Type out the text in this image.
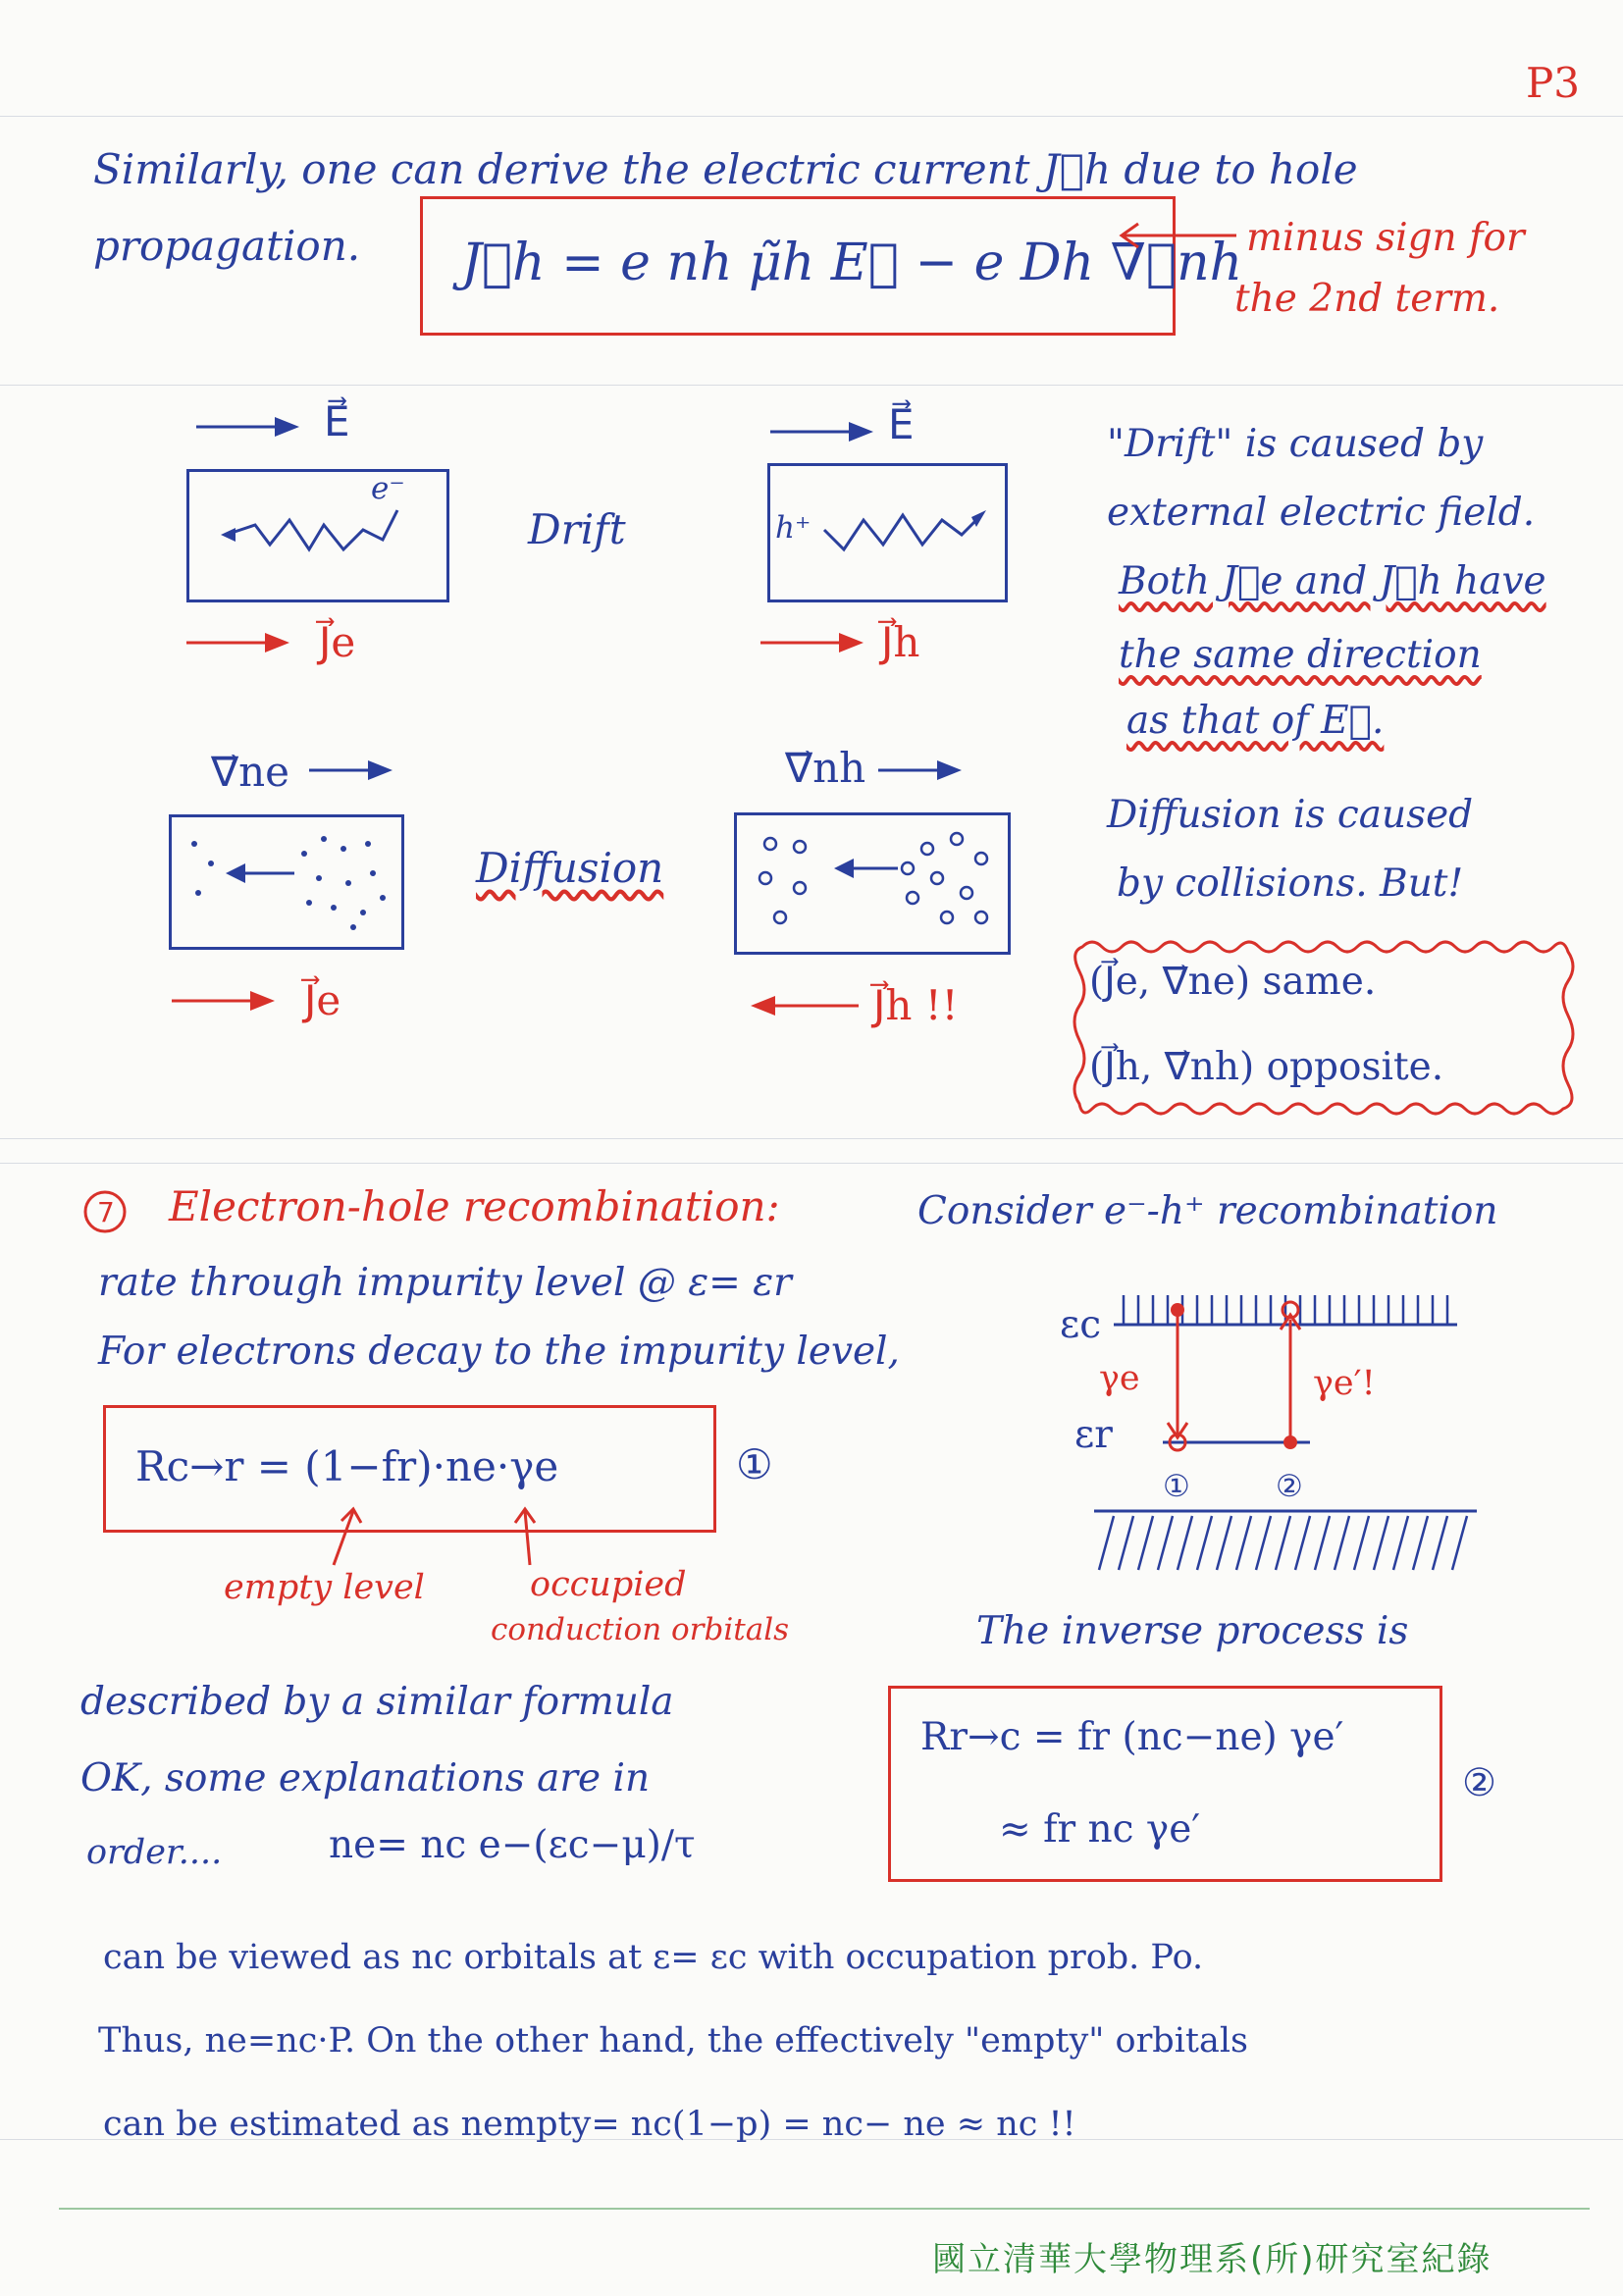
P3
Similarly, one can derive the electric current J⃗h due to hole
propagation. J⃗h = e nh μ̃h E⃗ − e Dh ∇⃗nh minus sign for
the 2nd term.
E⃗
e⁻
Drift
E⃗
h⁺
J⃗e	J⃗h
"Drift" is caused by
external electric field.
Both J⃗e and J⃗h have
the same direction
as that of E⃗.
∇⃗ne
Diffusion
∇⃗nh
J⃗e	J⃗h !!
Diffusion is caused
by collisions. But!
(J⃗e, ∇⃗ne) same.
(J⃗h, ∇⃗nh) opposite.
7 Electron-hole recombination:	Consider e⁻-h⁺ recombination
rate through impurity level @ ε= εr
For electrons decay to the impurity level,
Rc→r = (1−fr)·ne·γe	①
empty level	occupied
conduction orbitals
εc
εr
γe	γe′!
①	②
The inverse process is
described by a similar formula
OK, some explanations are in
order....	ne= nc e−(εc−μ)/τ
Rr→c = fr (nc−ne) γe′
≈ fr nc γe′
②
can be viewed as nc orbitals at ε= εc with occupation prob. Po.
Thus, ne=nc·P. On the other hand, the effectively "empty" orbitals
can be estimated as nempty= nc(1−p) = nc− ne ≈ nc !!
國立清華大學物理系(所)研究室紀錄
